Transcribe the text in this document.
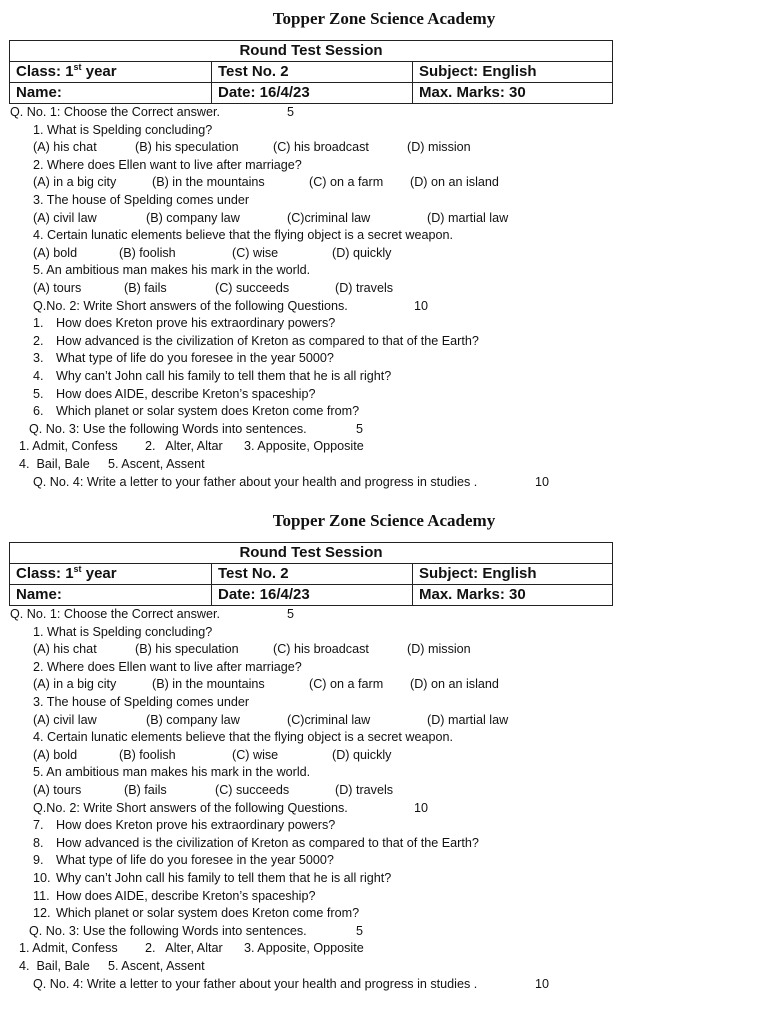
Topper Zone Science Academy
Round Test Session		
Class: 1st year	Test No. 2	Subject: English
Name:	Date: 16/4/23	Max. Marks: 30
Q. No. 1: Choose the Correct answer.	5
1. What is Spelding concluding?
(A) his chat	(B) his speculation	(C) his broadcast	(D) mission
2. Where does Ellen want to live after marriage?
(A) in a big city	(B) in the mountains	(C) on a farm (D) on an island
3. The house of Spelding comes under
(A) civil law	(B) company law	(C)criminal law	(D) martial law
4. Certain lunatic elements believe that the flying object is a secret weapon.
(A) bold	(B) foolish	(C) wise	(D) quickly
5. An ambitious man makes his mark in the world.
(A) tours	(B) fails	(C) succeeds	(D) travels
Q.No. 2: Write Short answers of the following Questions.	10
1. How does Kreton prove his extraordinary powers?
2. How advanced is the civilization of Kreton as compared to that of the Earth?
3. What type of life do you foresee in the year 5000?
4. Why can’t John call his family to tell them that he is all right?
5. How does AIDE, describe Kreton’s spaceship?
6. Which planet or solar system does Kreton come from?
Q. No. 3: Use the following Words into sentences.	5
1. Admit, Confess 2.   Alter, Altar 3. Apposite, Opposite
4.  Bail, Bale 5. Ascent, Assent
Q. No. 4: Write a letter to your father about your health and progress in studies .	10
Topper Zone Science Academy
Round Test Session		
Class: 1st year	Test No. 2	Subject: English
Name:	Date: 16/4/23	Max. Marks: 30
Q. No. 1: Choose the Correct answer.	5
1. What is Spelding concluding?
(A) his chat	(B) his speculation	(C) his broadcast	(D) mission
2. Where does Ellen want to live after marriage?
(A) in a big city	(B) in the mountains	(C) on a farm (D) on an island
3. The house of Spelding comes under
(A) civil law	(B) company law	(C)criminal law	(D) martial law
4. Certain lunatic elements believe that the flying object is a secret weapon.
(A) bold	(B) foolish	(C) wise	(D) quickly
5. An ambitious man makes his mark in the world.
(A) tours	(B) fails	(C) succeeds	(D) travels
Q.No. 2: Write Short answers of the following Questions.	10
7. How does Kreton prove his extraordinary powers?
8. How advanced is the civilization of Kreton as compared to that of the Earth?
9. What type of life do you foresee in the year 5000?
10. Why can’t John call his family to tell them that he is all right?
11. How does AIDE, describe Kreton’s spaceship?
12. Which planet or solar system does Kreton come from?
Q. No. 3: Use the following Words into sentences.	5
1. Admit, Confess 2.   Alter, Altar 3. Apposite, Opposite
4.  Bail, Bale 5. Ascent, Assent
Q. No. 4: Write a letter to your father about your health and progress in studies .	10
